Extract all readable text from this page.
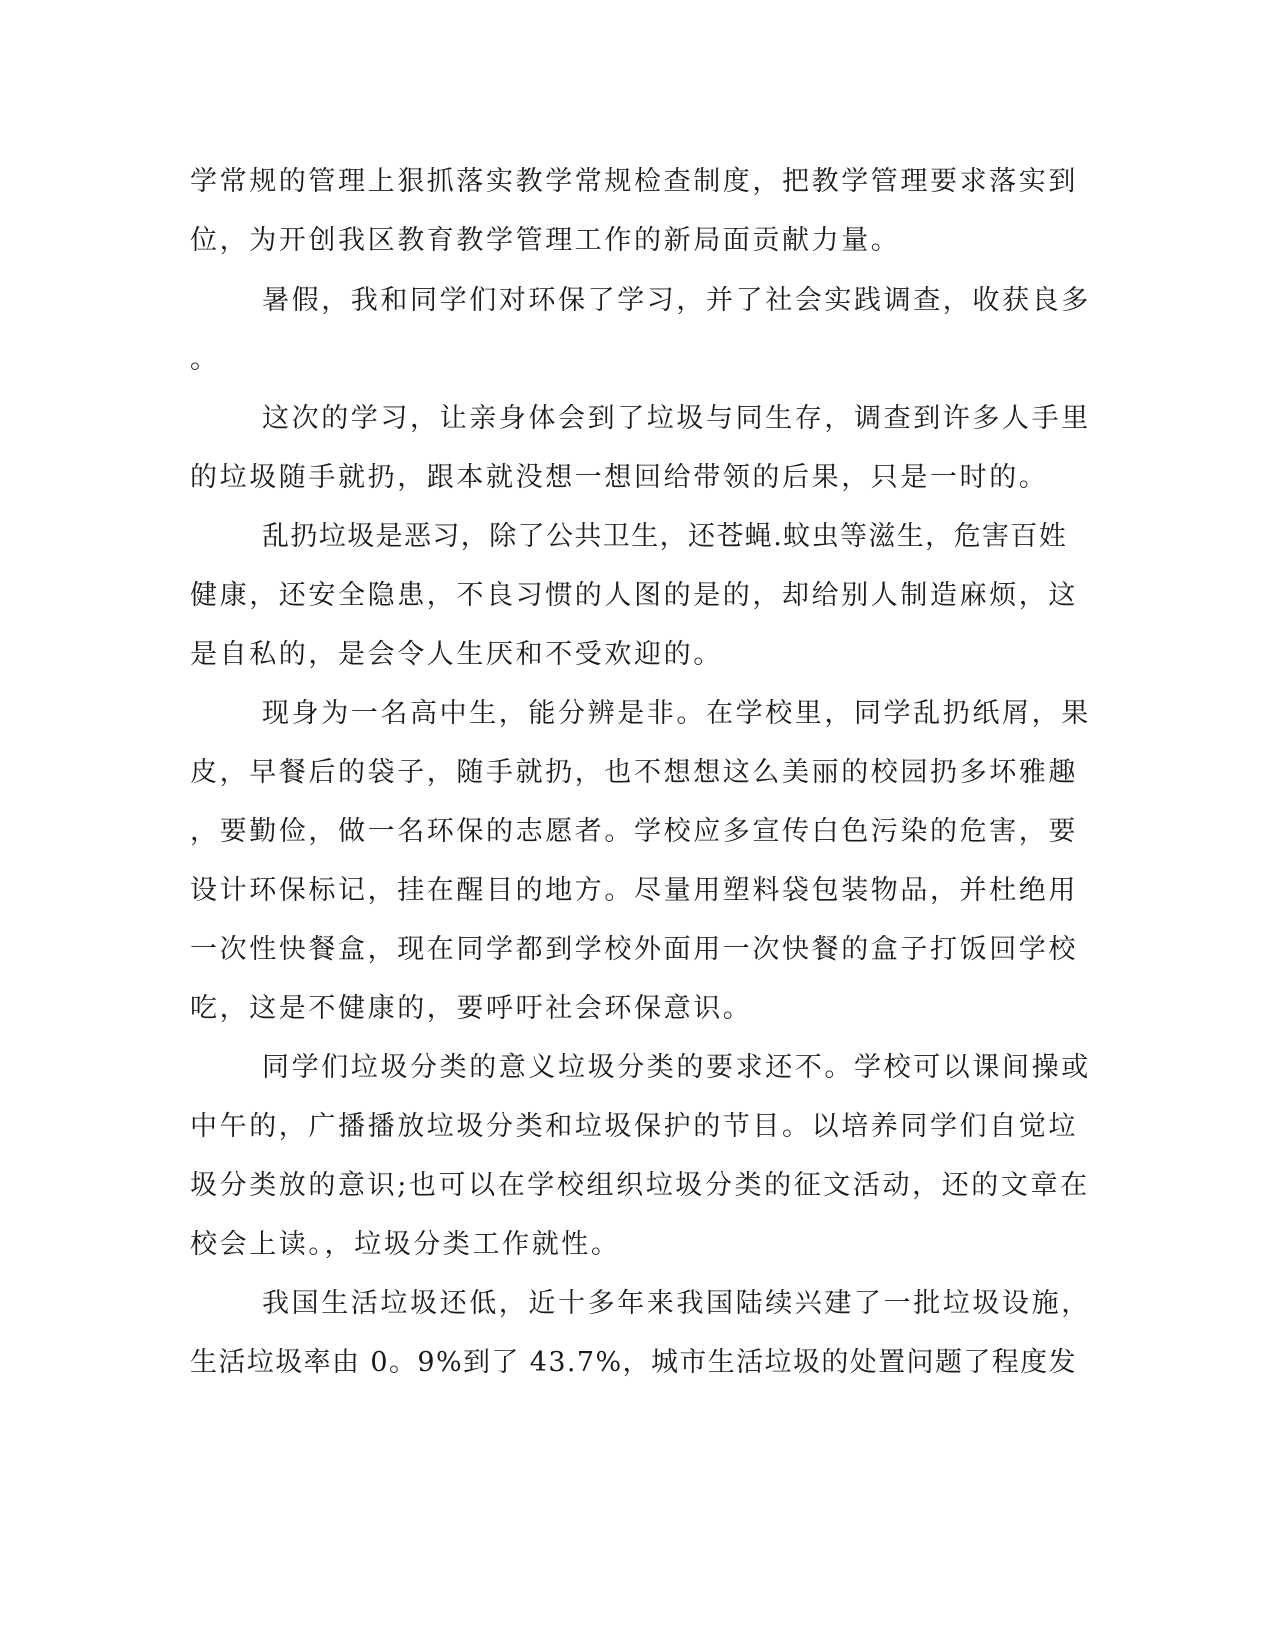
学常规的管理上狠抓落实教学常规检查制度，把教学管理要求落实到
位，为开创我区教育教学管理工作的新局面贡献力量。
暑假，我和同学们对环保了学习，并了社会实践调查，收获良多
。
这次的学习，让亲身体会到了垃圾与同生存，调查到许多人手里
的垃圾随手就扔，跟本就没想一想回给带领的后果，只是一时的。
乱扔垃圾是恶习，除了公共卫生，还苍蝇.蚊虫等滋生，危害百姓
健康，还安全隐患，不良习惯的人图的是的，却给别人制造麻烦，这
是自私的，是会令人生厌和不受欢迎的。
现身为一名高中生，能分辨是非。在学校里，同学乱扔纸屑，果
皮，早餐后的袋子，随手就扔，也不想想这么美丽的校园扔多坏雅趣
，要勤俭，做一名环保的志愿者。学校应多宣传白色污染的危害，要
设计环保标记，挂在醒目的地方。尽量用塑料袋包装物品，并杜绝用
一次性快餐盒，现在同学都到学校外面用一次快餐的盒子打饭回学校
吃，这是不健康的，要呼吁社会环保意识。
同学们垃圾分类的意义垃圾分类的要求还不。学校可以课间操或
中午的，广播播放垃圾分类和垃圾保护的节目。以培养同学们自觉垃
圾分类放的意识;也可以在学校组织垃圾分类的征文活动，还的文章在
校会上读。，垃圾分类工作就性。
我国生活垃圾还低，近十多年来我国陆续兴建了一批垃圾设施，
生活垃圾率由 0。9%到了 43.7%，城市生活垃圾的处置问题了程度发
